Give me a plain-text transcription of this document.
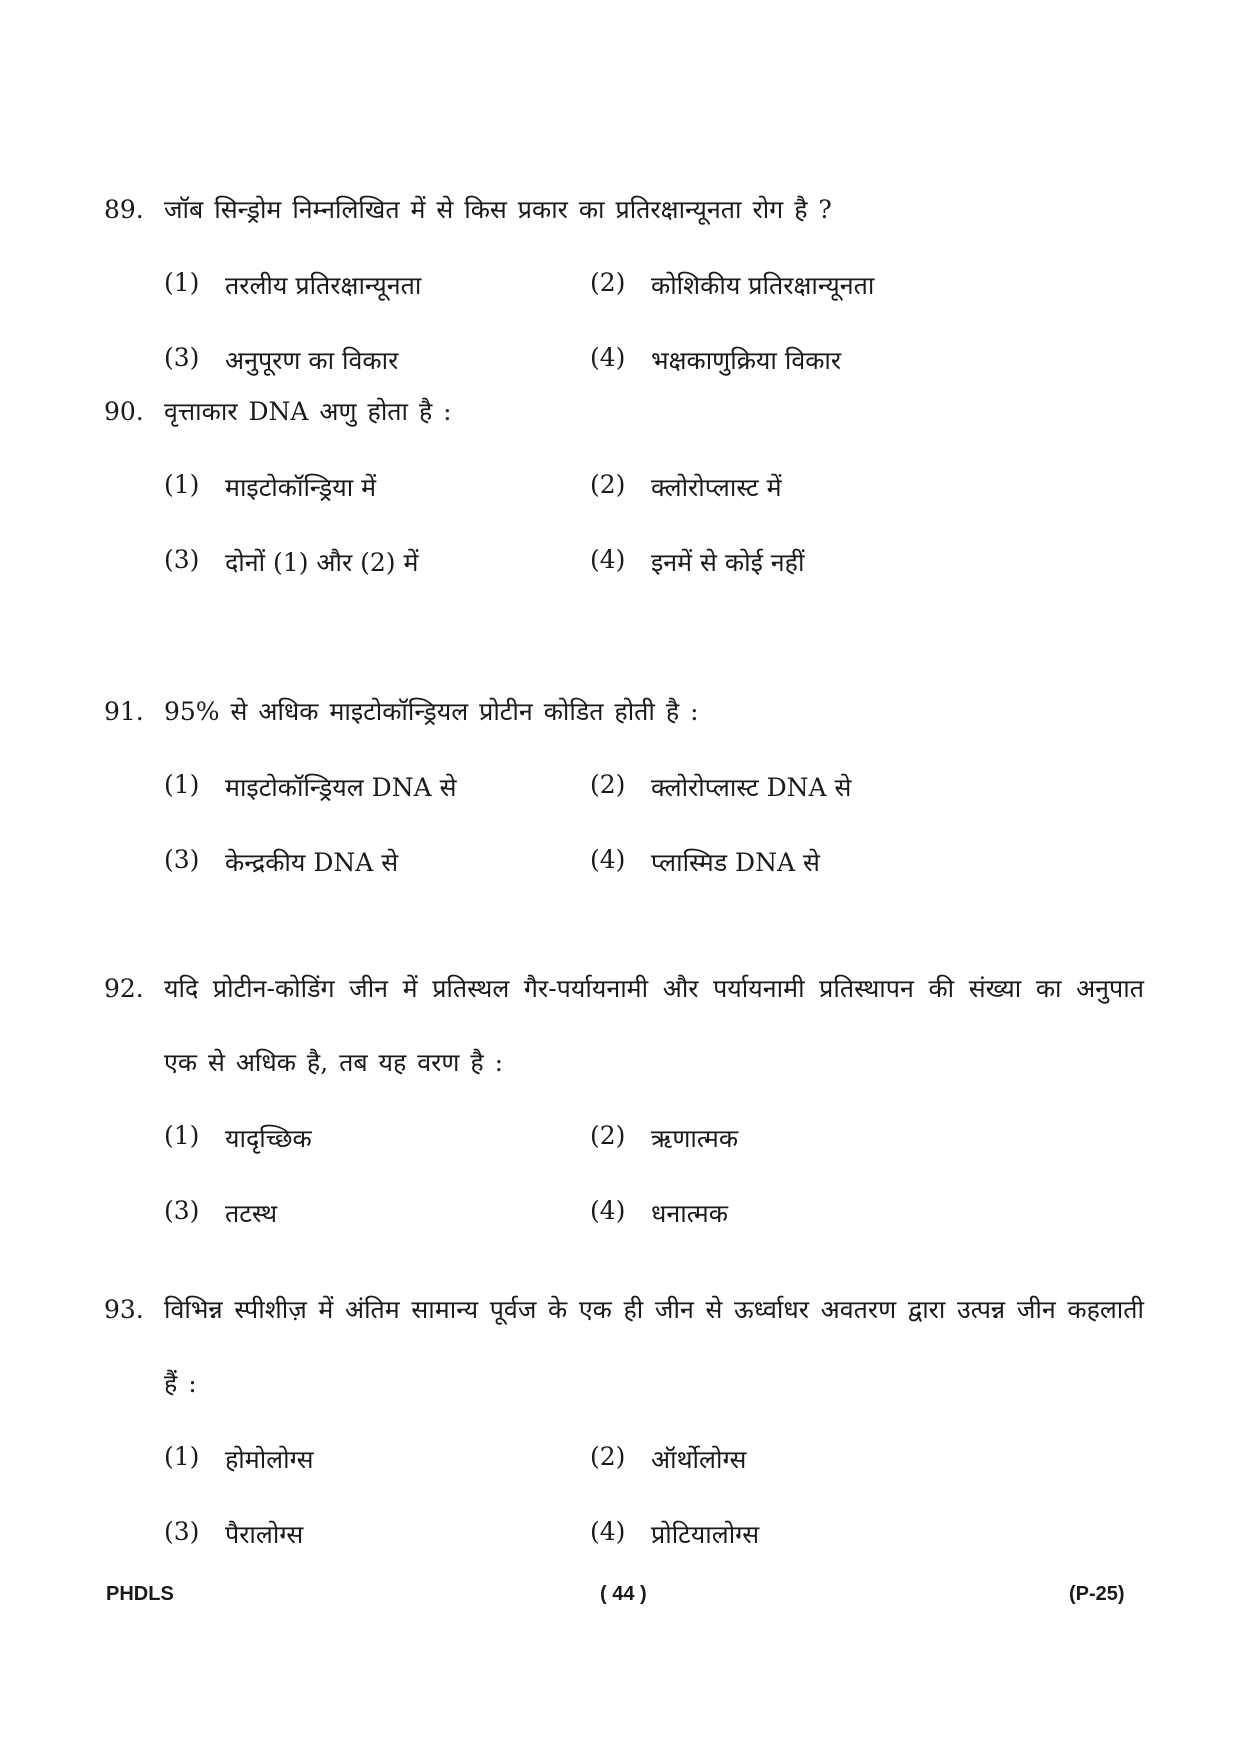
89. जॉब सिन्ड्रोम निम्नलिखित में से किस प्रकार का प्रतिरक्षान्यूनता रोग है ?
(1)	तरलीय प्रतिरक्षान्यूनता	(2)	कोशिकीय प्रतिरक्षान्यूनता
(3)	अनुपूरण का विकार	(4)	भक्षकाणुक्रिया विकार
90. वृत्ताकार DNA अणु होता है :
(1)	माइटोकॉन्ड्रिया में	(2)	क्लोरोप्लास्ट में
(3)	दोनों (1) और (2) में	(4)	इनमें से कोई नहीं
91. 95% से अधिक माइटोकॉन्ड्रियल प्रोटीन कोडित होती है :
(1)	माइटोकॉन्ड्रियल DNA से	(2)	क्लोरोप्लास्ट DNA से
(3)	केन्द्रकीय DNA से	(4)	प्लास्मिड DNA से
92. यदि प्रोटीन-कोडिंग जीन में प्रतिस्थल गैर-पर्यायनामी और पर्यायनामी प्रतिस्थापन की संख्या का अनुपात एक से अधिक है, तब यह वरण है :
(1)	यादृच्छिक	(2)	ऋणात्मक
(3)	तटस्थ	(4)	धनात्मक
93. विभिन्न स्पीशीज़ में अंतिम सामान्य पूर्वज के एक ही जीन से ऊर्ध्वाधर अवतरण द्वारा उत्पन्न जीन कहलाती हैं :
(1)	होमोलोग्स	(2)	ऑर्थोलोग्स
(3)	पैरालोग्स	(4)	प्रोटियालोग्स
PHDLS	( 44 )	(P-25)
